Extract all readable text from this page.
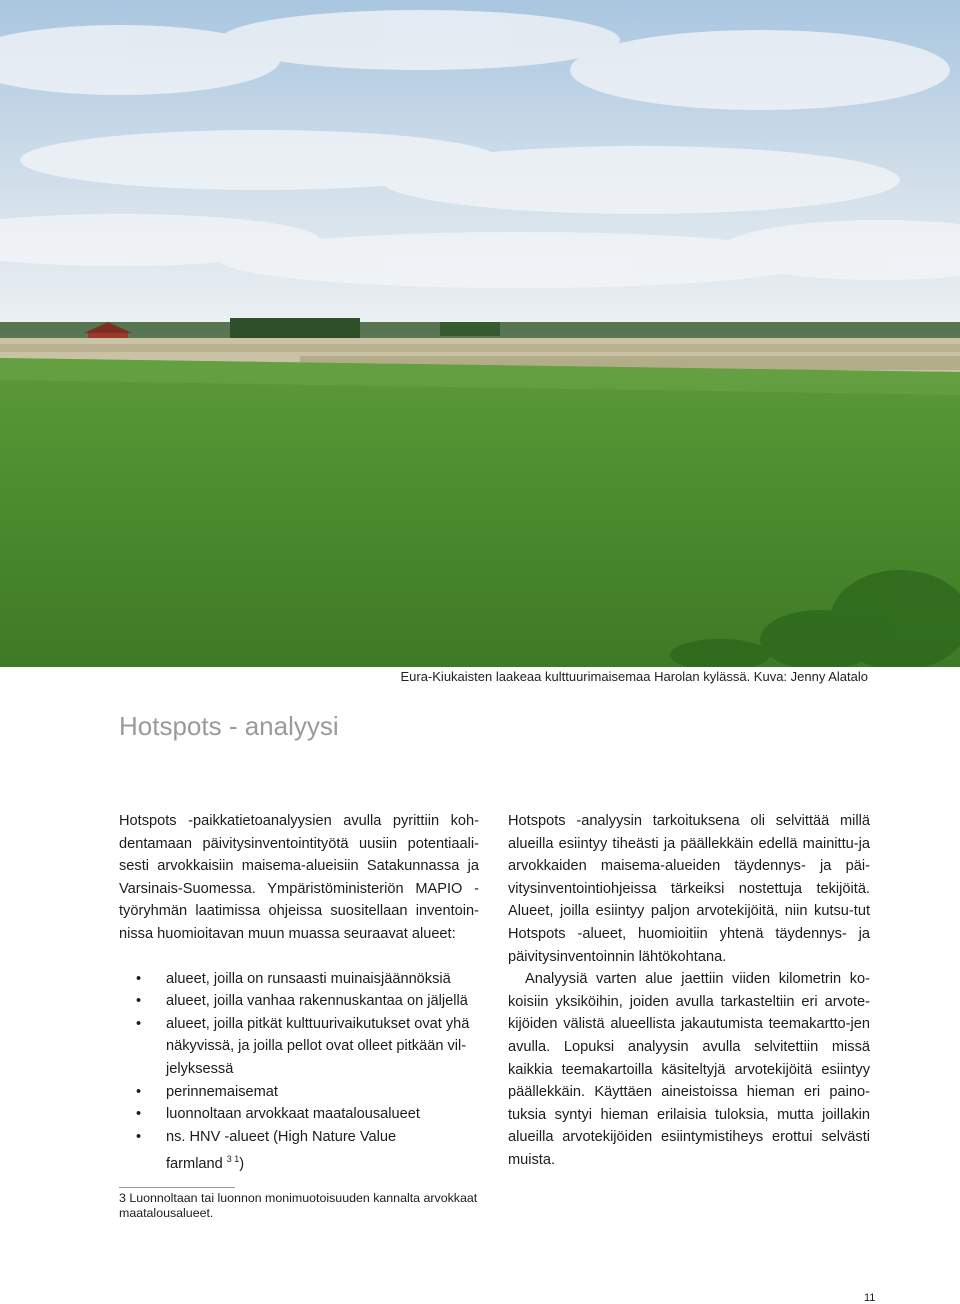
Eura-Kiukaisten laakeaa kulttuurimaisemaa Harolan kylässä. Kuva: Jenny Alatalo
Hotspots - analyysi

Hotspots -paikkatietoanalyysien avulla pyrittiin koh-dentamaan päivitysinventointityötä uusiin potentiaali-sesti arvokkaisiin maisema-alueisiin Satakunnassa ja Varsinais-Suomessa. Ympäristöministeriön MAPIO -työryhmän laatimissa ohjeissa suositellaan inventoin-nissa huomioitavan muun muassa seuraavat alueet:

• alueet, joilla on runsaasti muinaisjäännöksiä
• alueet, joilla vanhaa rakennuskantaa on jäljellä
• alueet, joilla pitkät kulttuurivaikutukset ovat yhä näkyvissä, ja joilla pellot ovat olleet pitkään vil-jelyksessä
• perinnemaisemat
• luonnoltaan arvokkaat maatalousalueet
• ns. HNV -alueet (High Nature Value farmland $^{3 1}$)

Hotspots -analyysin tarkoituksena oli selvittää millä alueilla esiintyy tiheästi ja päällekkäin edellä mainittu-ja arvokkaiden maisema-alueiden täydennys- ja päi-vitysinventointiohjeissa tärkeiksi nostettuja tekijöitä. Alueet, joilla esiintyy paljon arvotekijöitä, niin kutsu-tut Hotspots -alueet, huomioitiin yhtenä täydennys- ja päivitysinventoinnin lähtökohtana.

Analyysiä varten alue jaettiin viiden kilometrin ko-koisiin yksiköihin, joiden avulla tarkasteltiin eri arvote-kijöiden välistä alueellista jakautumista teemakartto-jen avulla. Lopuksi analyysin avulla selvitettiin missä kaikkia teemakartoilla käsiteltyjä arvotekijöitä esiintyy päällekkäin. Käyttäen aineistoissa hieman eri paino-tuksia syntyi hieman erilaisia tuloksia, mutta joillakin alueilla arvotekijöiden esiintymistiheys erottui selvästi muista.

3 Luonnoltaan tai luonnon monimuotoisuuden kannalta arvokkaat maatalousalueet.
11
